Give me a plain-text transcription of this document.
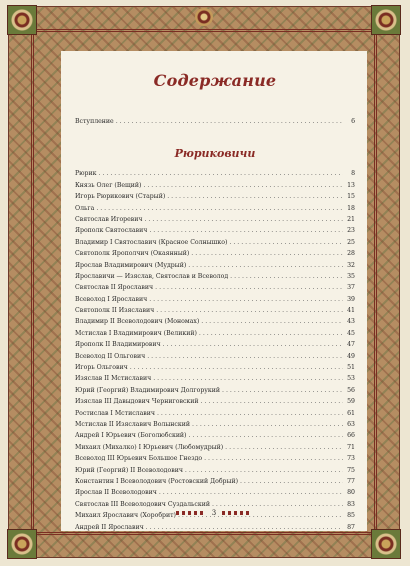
Содержание
Вступление . . .	6
Рюриковичи
Рюрик . . .	8
Князь Олег (Вещий) . . .	13
Игорь Рюрикович (Старый) . . .	15
Ольга . . .	18
Святослав Игоревич . . .	21
Ярополк Святославич . . .	23
Владимир I Святославич (Красное Солнышко) . . .	25
Святополк Ярополчич (Окаянный) . . .	28
Ярослав Владимирович (Мудрый) . . .	32
Ярославичи — Изяслав, Святослав и Всеволод . . .	35
Святослав II Ярославич . . .	37
Всеволод I Ярославич . . .	39
Святополк II Изяславич . . .	41
Владимир II Всеволодович (Мономах) . . .	43
Мстислав I Владимирович (Великий) . . .	45
Ярополк II Владимирович . . .	47
Всеволод II Ольгович . . .	49
Игорь Ольгович . . .	51
Изяслав II Мстиславич . . .	53
Юрий (Георгий) Владимирович Долгорукий . . .	56
Изяслав III Давыдович Черниговский . . .	59
Ростислав I Мстиславич . . .	61
Мстислав II Изяславич Волынский . . .	63
Андрей I Юрьевич (Боголюбский) . . .	66
Михаил (Михалко) I Юрьевич (Любомудрый) . . .	71
Всеволод III Юрьевич Большое Гнездо . . .	73
Юрий (Георгий) II Всеволодович . . .	75
Константин I Всеволодович (Ростовский Добрый) . . .	77
Ярослав II Всеволодович . . .	80
Святослав III Всеволодович Суздальский . . .	83
Михаил Ярославич (Хоробрит) . . .	85
Андрей II Ярославич . . .	87
3
